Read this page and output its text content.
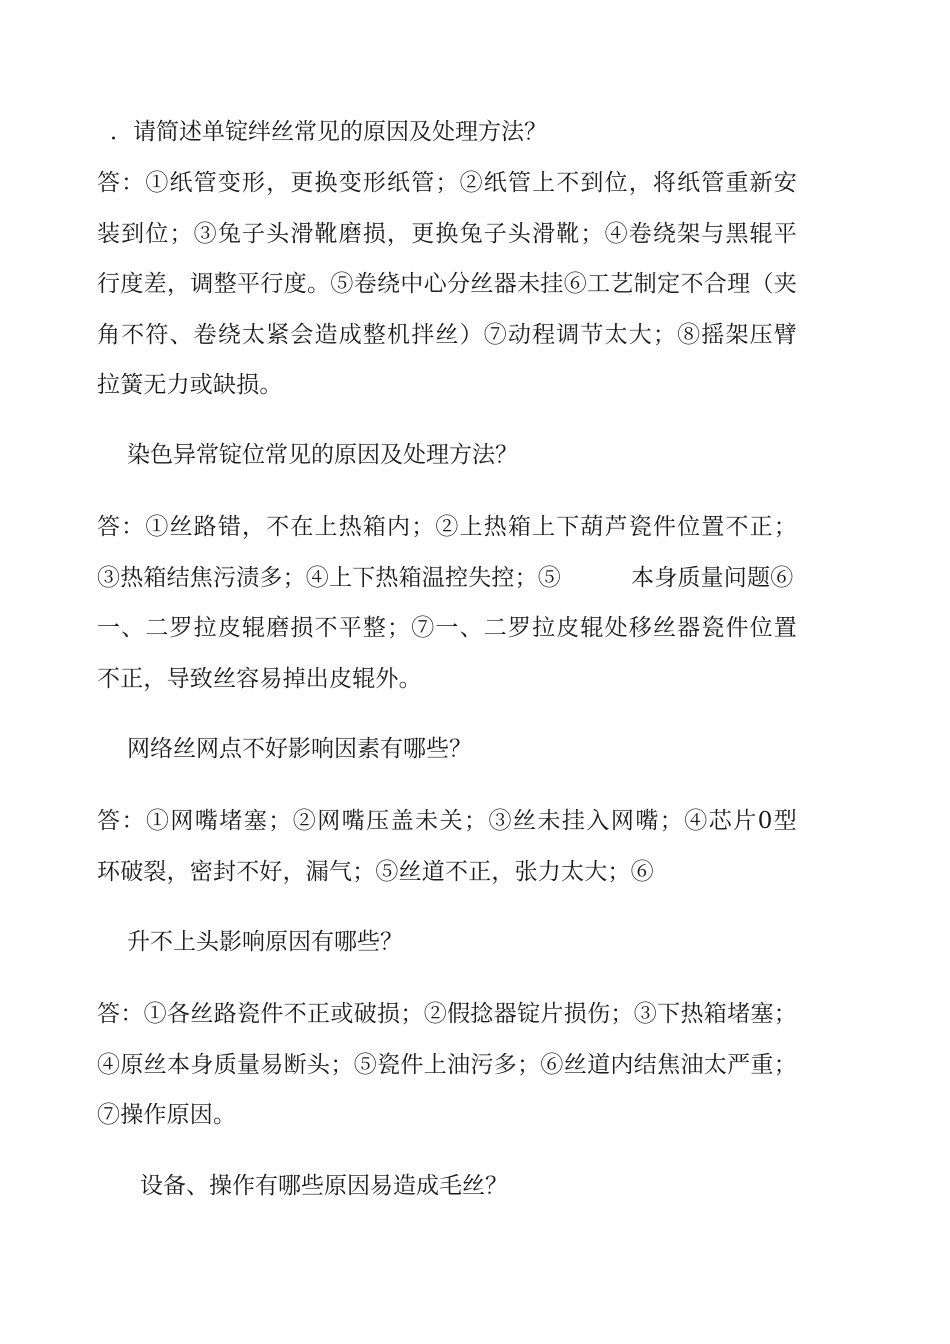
．请简述单锭绊丝常见的原因及处理方法？
答：①纸管变形，更换变形纸管；②纸管上不到位，将纸管重新安
装到位；③兔子头滑靴磨损，更换兔子头滑靴；④卷绕架与黑辊平
行度差，调整平行度。⑤卷绕中心分丝器未挂⑥工艺制定不合理（夹
角不符、卷绕太紧会造成整机拌丝）⑦动程调节太大；⑧摇架压臂
拉簧无力或缺损。
染色异常锭位常见的原因及处理方法？
答：①丝路错，不在上热箱内；②上热箱上下葫芦瓷件位置不正；
③热箱结焦污渍多；④上下热箱温控失控；⑤	本身质量问题⑥
一、二罗拉皮辊磨损不平整；⑦一、二罗拉皮辊处移丝器瓷件位置
不正，导致丝容易掉出皮辊外。
网络丝网点不好影响因素有哪些？
答：①网嘴堵塞；②网嘴压盖未关；③丝未挂入网嘴；④芯片0型
环破裂，密封不好，漏气；⑤丝道不正，张力太大；⑥
升不上头影响原因有哪些？
答：①各丝路瓷件不正或破损；②假捻器锭片损伤；③下热箱堵塞；
④原丝本身质量易断头；⑤瓷件上油污多；⑥丝道内结焦油太严重；
⑦操作原因。
设备、操作有哪些原因易造成毛丝？
